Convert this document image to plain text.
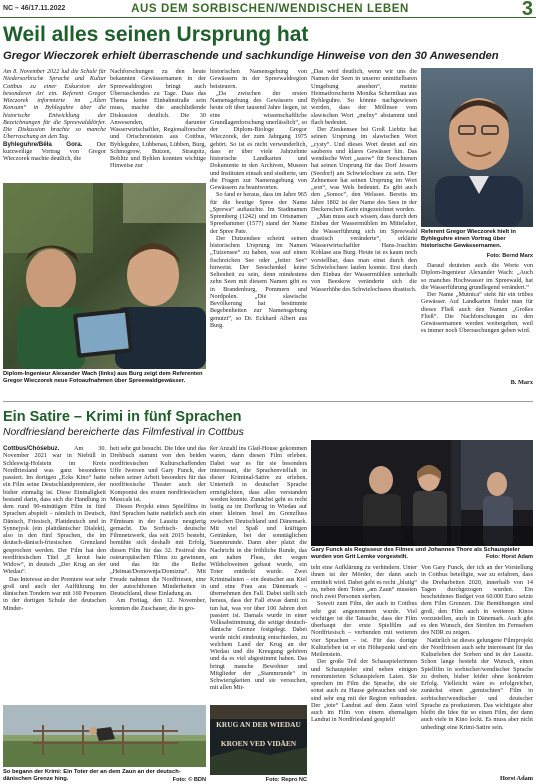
NC – 46/17.11.2022	AUS DEM SORBISCHEN/WENDISCHEN LEBEN	3
Weil alles seinen Ursprung hat
Gregor Wieczorek erhielt überraschende und sachkundige Hinweise von den 30 Anwesenden

Am 8. November 2022 lud die Schule für Niedersorbische Sprache und Kultur Cottbus zu einer Exkursion der besonderen Art ein. Referent Gregor Wieczorek informierte im „Alten Konsum“ in Byhleguhre über die historische Entwicklung der Bezeichnungen für die Spreewalddörfer. Die Diskussion brachte so manche Überraschung an den Tag.

Byhleguhre/Běła Gora. Der kurzweilige Vortrag von Gregor Wieczorek machte deutlich, die

Nachforschungen zu den heute bekannten Gewässernamen in der Spreewaldregion bringt auch Überraschendes zu Tage. Dass das Thema keine Einbahnstraße sein muss, machte die anschließende Diskussion deutlich. Die 30 Anwesenden, darunter Wasserwirtschaftler, Regionalforscher und Ortschronisten aus Cottbus, Byhleguhre, Lübbenau, Lübben, Burg, Schmogrow, Butzen, Straupitz, Boblitz und Byhlen konnten wichtige Hinweise zur

historischen Namensgebung von Gewässern in der Spreewaldregion beisteuern.

„Da zwischen der ersten Namensgebung des Gewässers und heute oft über tausend Jahre liegen, ist eine wissenschaftliche Grundlagenforschung unerlässlich“, so der Diplom-Biologe Gregor Wieczorek, der zum Jahrgang 1975 gehört. So ist es nicht verwunderlich, dass er über viele Jahrzehnte historische Landkarten und Dokumente in den Archiven, Museen und Instituten einsah und studierte, um die Fragen zur Namensgebung von Gewässern zu beantworten.

So fand er heraus, dass im Jahre 965 für die heutige Spree der Name „Sprewa“ auftauchte. Im Stadtnamen Spremberg (1242) und im Ortsnamen Spreehammer (1577) stand der Name der Spree Pate.

Der Dutzendsee scheint seinen historischen Ursprung im Namen „Tutzensee“ zu haben, was auf einen fischreichen See oder „fetter See“ hinweist. Der Seeschenkel keine Seltenheit zu sein, denn mindestens zehn Seen mit diesem Namen gibt es in Brandenburg, Pommern und Nordpolen. „Die slawische Bevölkerung hat bestimmte Begebenheiten zur Namensgebung genutzt“, so Dr. Eckhard Albert aus Burg.

„Das wird deutlich, wenn wir uns die Namen der Seen in unserer unmittelbaren Umgebung ansehen“, meinte Heimatforscherin Monika Schernikau aus Byhleguhre. So könnte nachgewiesen werden, dass der Möllnsee vom slawischen Wort „melny“ abstammt und flach bedeutet.

Der Zieskensee bei Groß Liebitz hat seinen Ursprung im slawischen Wort „cysty“. Und dieses Wort deutet auf ein sauberes und klares Gewässer hin. Das wendische Wort „sasow“ für Seeschienen hat seinen Ursprung für das Dorf Jessern (Seedorf) am Schwielochsee zu sein. Der Zehnensee hat seinen Ursprung im Wort „son“, was Wels bedeutet. Es gibt auch den „Somoc“, den Welssee. Bereits im Jahre 1802 ist der Name des Sees in der Deckerschen Karte eingezeichnet worden.

„Man muss auch wissen, dass durch den Einbau der Wassermühlen im Mittelalter, die Wasserführung sich im Spreewald drastisch veränderte“, erklärte Wasserwirtschaftler Hans-Joachim Kohlase aus Burg. Heute ist es kaum noch vorstellbar, dass man einst durch den Schwielochsee laufen konnte. Erst durch den Einbau der Wassermühlen unterhalb von Beeskow veränderte sich die Wasserhöhe des Schwielochsees drastisch.

Diplom-Ingenieur Alexander Wach (links) aus Burg zeigt dem Referenten Gregor Wieczorek neue Fotoaufnahmen über Spreewaldgewässer.
Referent Gregor Wieczorek hielt in Byhleguhre einen Vortrag über historische Gewässernamen.
Foto: Bernd Marx

Darauf deuteten auch die Worte von Diplom-Ingenieur Alexander Wach: „Auch so manches Hochwasser im Spreewald, hat die Wasserführung grundlegend verändert.“

Der Name „Mutnica“ steht für ein trübes Gewässer. Auf Landkarten findet man für dieses Fließ auch den Namen „Großes Fließ“. Die Nachforschungen zu den Gewässernamen werden weitergehen, weil es immer noch Überraschungen geben wird.

B. Marx
Ein Satire – Krimi in fünf Sprachen
Nordfriesland bereicherte das Filmfestival in Cottbus

Cottbus/Chóśebuz. Am 30. November 2021 war in Niebüll in Schleswig-Holstein im Kreis Nordfriesland was ganz besonderes passiert. Im dortigen „Ecks Kino“ hatte ein Film seine Deutschlandpremiere, der bisher einmalig ist. Diese Einmaligkeit bestand darin, dass sich die Handlung in dem rund 90-minütigen Film in fünf Sprachen abspielt – nämlich in Deutsch, Dänisch, Friesisch, Plattdeutsch und in Synnejysk (ein plattdänischer Dialekt), also in den fünf Sprachen, die im deutsch-dänisch-friesischen Grenzland gesprochen werden. Der Film hat den nordfriesischen Titel „E krout baie Widow“, in deutsch „Der Krug an der Wiedau“.

Das Interesse an der Premiere war sehr groß und auch der Aufführung im dänischen Tondern war mit 160 Personen in der dortigen Schule der deutschen Minder-

heit sehr gut besucht. Die Idee und das Drehbuch stammt von den beiden nordfriesischen Kulturschaffenden Uffe Iwersen und Gary Funck, der neben seiner Arbeit besonders für das nordfriesische Theater auch der Komponist des ersten nordfriesischen Musicals ist.

Dieses Projekt eines Spielfilms in fünf Sprachen hatte natürlich auch ein Filmteam in der Lausitz neugierig gemacht. Da Sorbisch- deutsche Filmnetzwerk, das seit 2015 besteht, bemühte sich deshalb mit Erfolg, diesen Film für das 32. Festival des osteuropäischen Films zu gewinnen, und das für die Reihe „Heimat/Domownja/Domizna“. Mit Freude nahmen die Nordfriesen, eine der autochthonen Minderheiten in Deutschland, diese Einladung an.

Am Freitag, den 12. November, konnten die Zuschauer, die in gro-

ßer Anzahl ins Glad-House gekommen waren, dann diesen Film erleben. Dabei war es für sie besonders interessant, die Sprachenvielfalt in dieser Kriminal-Satire zu erleben. Unterteilt in deutscher Sprache ermöglichten, dass alles verstanden werden konnte. Zunächst geht es recht lustig zu im Dorfkrug in Wiedau auf einer kleinen Insel im Grenzfluss zwischen Deutschland und Dänemark. Mit viel Spaß und kräftigen Getränken, bei der sonntäglichen Stammrunde. Dann aber platzt die Nachricht in die fröhliche Runde, das am nahen Fluss, der wegen Wildschweinen gebaut wurde, ein Toter entdeckt wurde. Zwei Kriminalisten – ein deutscher aus Kiel und eine Frau aus Dänemark – übernehmen den Fall. Dabei stellt sich heraus, dass der Fall etwas damit zu tun hat, was vor über 100 Jahren dort passiert ist. Damals wurde in einer Volksabstimmung, die seitige deutsch-dänische Grenze festgelegt. Dabei wurde nicht eindeutig entschieden, zu welchem Land der Krug an der Wiedau und die Kreugung gehören und da es viel abgestimmt haben. Das bringt manche Bewohner und Mitglieder der „Stammrunde“ in Schwierigkeiten und sie versuchen, mit allen Mit-

Gary Funck als Regisseur des Filmes und Johannes Thore als Schauspieler wurden von Grit Lemke vorgestellt.	Foto: Horst Adam

teln eine Aufklärung zu verhindern. Unter ihnen ist der Mörder, der dann auch ermittelt wird. Dabei geht es recht „blutig“ zu, neben dem Toten „am Zaun“ mussten noch zwei Personen sterben.

Soweit zum Film, der auch in Cottbus sehr gut angenommen wurde. Viel wichtiger ist die Tatsache, dass der Film überhaupt der erste Spielfilm auf Nordfriesisch – verbunden mit weiteren vier Sprachen – ist. Für das dortige Kulturleben ist er ein Höhepunkt und ein Meilenstein.

Der große Teil der Schauspielerinnen und Schauspieler sind neben einigen renommierten Schauspielern Laien. Sie sprechen im Film die Sprache, die sie sonst auch zu Hause gebrauchen und sie sind sehr eng mit der Region verbunden. Der „tote“ Landrat auf dem Zaun wird auch im Film von einem ehemaligen Landrat in Nordfriesland gespielt!

Von Gary Funck, der ich an der Vorstellung in Cottbus beteiligte, war zu erfahren, dass die Dreharbeiten 2020, innerhalb von 14 Tagen durchgezogen wurden. Ein bescheidenes Budget von 60.000 Euro setzte dem Film Grenzen. Die Bemühungen sind groß, den Film auch in weiteren Kinos vorzustellen, auch in Dänemark. Auch gibt es den Wunsch, den Streifen im Fernsehen des NDR zu zeigen.

Natürlich ist dieses gelungene Filmprojekt der Nordfriesen auch sehr interessant für das Kulturleben der Sorben und in der Lausitz. Schon lange besteht der Wunsch, einen Spielfilm in sorbischer/wendischer Sprache zu drehen, bisher leider ohne konkreten Erfolg. Vielleicht wäre es erfolgreicher, zunächst einen „gemischten“ Film in sorbischer/wendischer und deutscher Sprache zu produzieren. Das wichtigste aber bleibt die Idee für so einen Film, der dann auch viele in Kino lockt. Es muss aber nicht unbedingt eine Krimi-Satire sein.

Horst Adam
So begann der Krimi: Ein Toter der an dem Zaun an der deutsch-dänischen Grenze hing.	Foto: © BDN
KRUG AN DER WIEDAU
KROEN VED VIDÅEN
Foto: Repro NC
